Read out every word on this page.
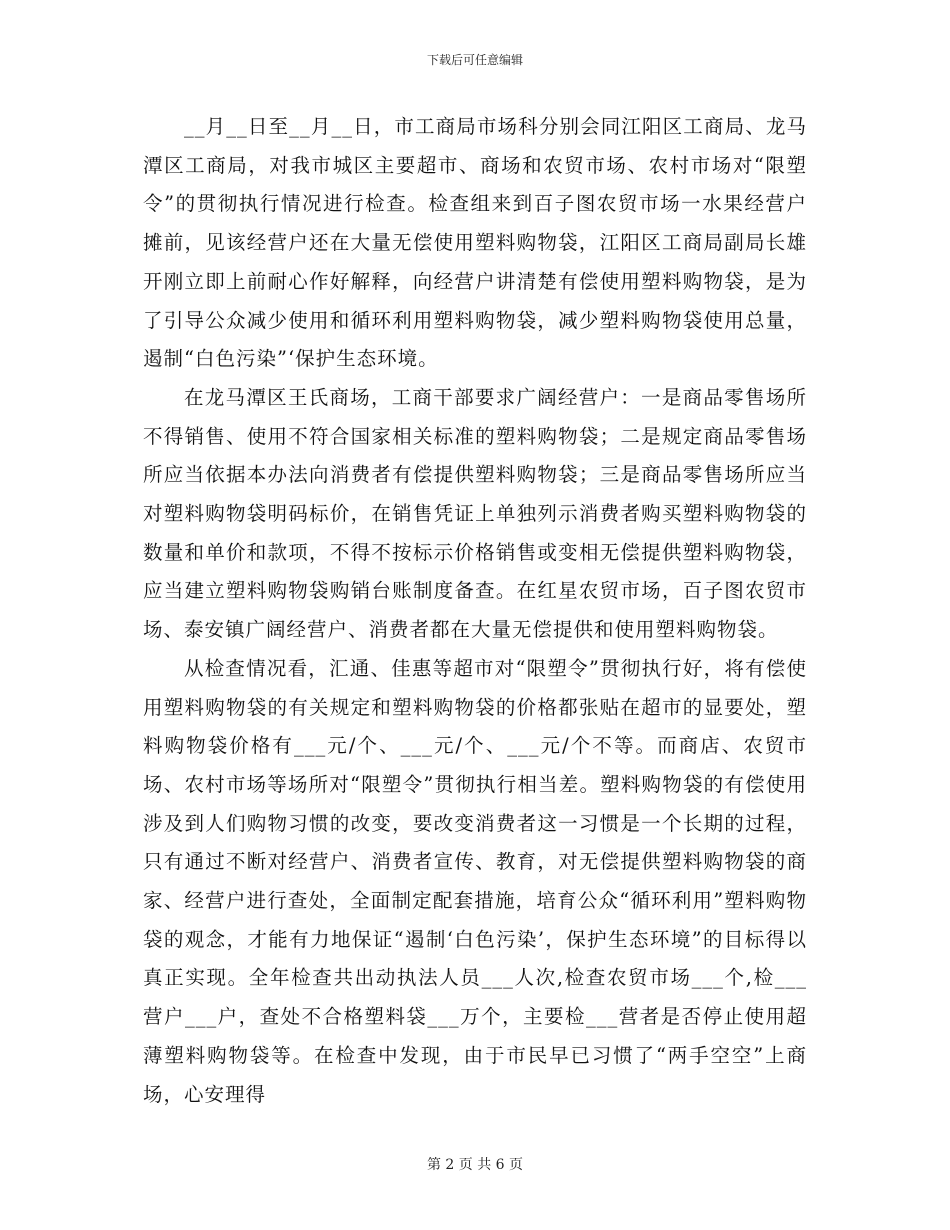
下载后可任意编辑

__月__日至__月__日，市工商局市场科分别会同江阳区工商局、龙马潭区工商局，对我市城区主要超市、商场和农贸市场、农村市场对“限塑令”的贯彻执行情况进行检查。检查组来到百子图农贸市场一水果经营户摊前，见该经营户还在大量无偿使用塑料购物袋，江阳区工商局副局长雄开刚立即上前耐心作好解释，向经营户讲清楚有偿使用塑料购物袋，是为了引导公众减少使用和循环利用塑料购物袋，减少塑料购物袋使用总量，遏制“白色污染”‘保护生态环境。

在龙马潭区王氏商场，工商干部要求广阔经营户：一是商品零售场所不得销售、使用不符合国家相关标准的塑料购物袋；二是规定商品零售场所应当依据本办法向消费者有偿提供塑料购物袋；三是商品零售场所应当对塑料购物袋明码标价，在销售凭证上单独列示消费者购买塑料购物袋的数量和单价和款项，不得不按标示价格销售或变相无偿提供塑料购物袋，应当建立塑料购物袋购销台账制度备查。在红星农贸市场，百子图农贸市场、泰安镇广阔经营户、消费者都在大量无偿提供和使用塑料购物袋。

从检查情况看，汇通、佳惠等超市对“限塑令”贯彻执行好，将有偿使用塑料购物袋的有关规定和塑料购物袋的价格都张贴在超市的显要处，塑料购物袋价格有___元/个、___元/个、___元/个不等。而商店、农贸市场、农村市场等场所对“限塑令”贯彻执行相当差。塑料购物袋的有偿使用涉及到人们购物习惯的改变，要改变消费者这一习惯是一个长期的过程，只有通过不断对经营户、消费者宣传、教育，对无偿提供塑料购物袋的商家、经营户进行查处，全面制定配套措施，培育公众“循环利用”塑料购物袋的观念，才能有力地保证“遏制‘白色污染’，保护生态环境”的目标得以真正实现。全年检查共出动执法人员___人次,检查农贸市场___个,检___营户___户，查处不合格塑料袋___万个，主要检___营者是否停止使用超薄塑料购物袋等。在检查中发现，由于市民早已习惯了“两手空空”上商场，心安理得

第 2 页 共 6 页
